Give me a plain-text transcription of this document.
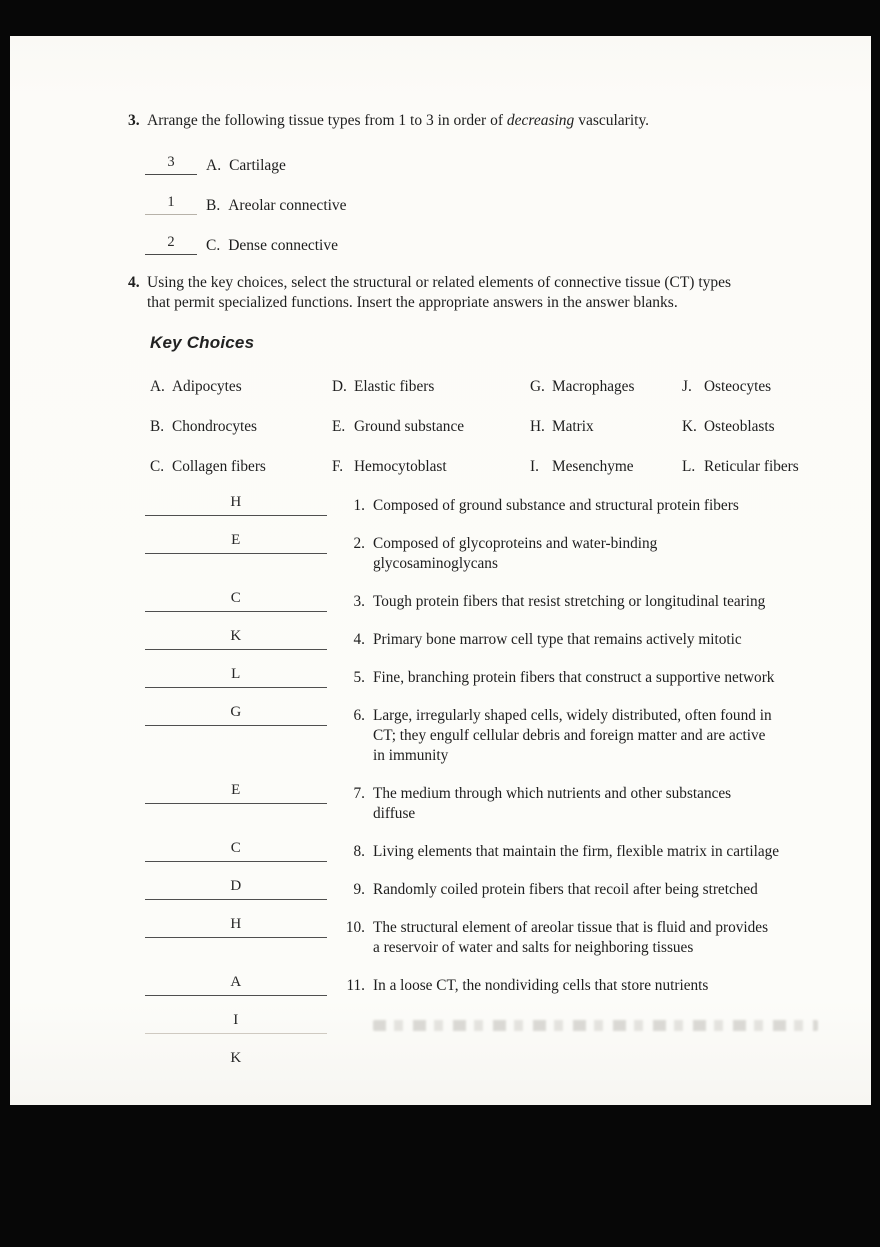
3. Arrange the following tissue types from 1 to 3 in order of decreasing vascularity.
3	A. Cartilage
1	B. Areolar connective
2	C. Dense connective
4. Using the key choices, select the structural or related elements of connective tissue (CT) types
that permit specialized functions. Insert the appropriate answers in the answer blanks.
Key Choices
A. Adipocytes	D. Elastic fibers	G. Macrophages	J. Osteocytes
B. Chondrocytes	E. Ground substance	H. Matrix	K. Osteoblasts
C. Collagen fibers	F. Hemocytoblast	I. Mesenchyme	L. Reticular fibers
H	1. Composed of ground substance and structural protein fibers
E	2. Composed of glycoproteins and water-binding
glycosaminoglycans
C	3. Tough protein fibers that resist stretching or longitudinal tearing
K	4. Primary bone marrow cell type that remains actively mitotic
L	5. Fine, branching protein fibers that construct a supportive network
G	6. Large, irregularly shaped cells, widely distributed, often found in
CT; they engulf cellular debris and foreign matter and are active
in immunity
E	7. The medium through which nutrients and other substances
diffuse
C	8. Living elements that maintain the firm, flexible matrix in cartilage
D	9. Randomly coiled protein fibers that recoil after being stretched
H	10. The structural element of areolar tissue that is fluid and provides
a reservoir of water and salts for neighboring tissues
A	11. In a loose CT, the nondividing cells that store nutrients
I
K
